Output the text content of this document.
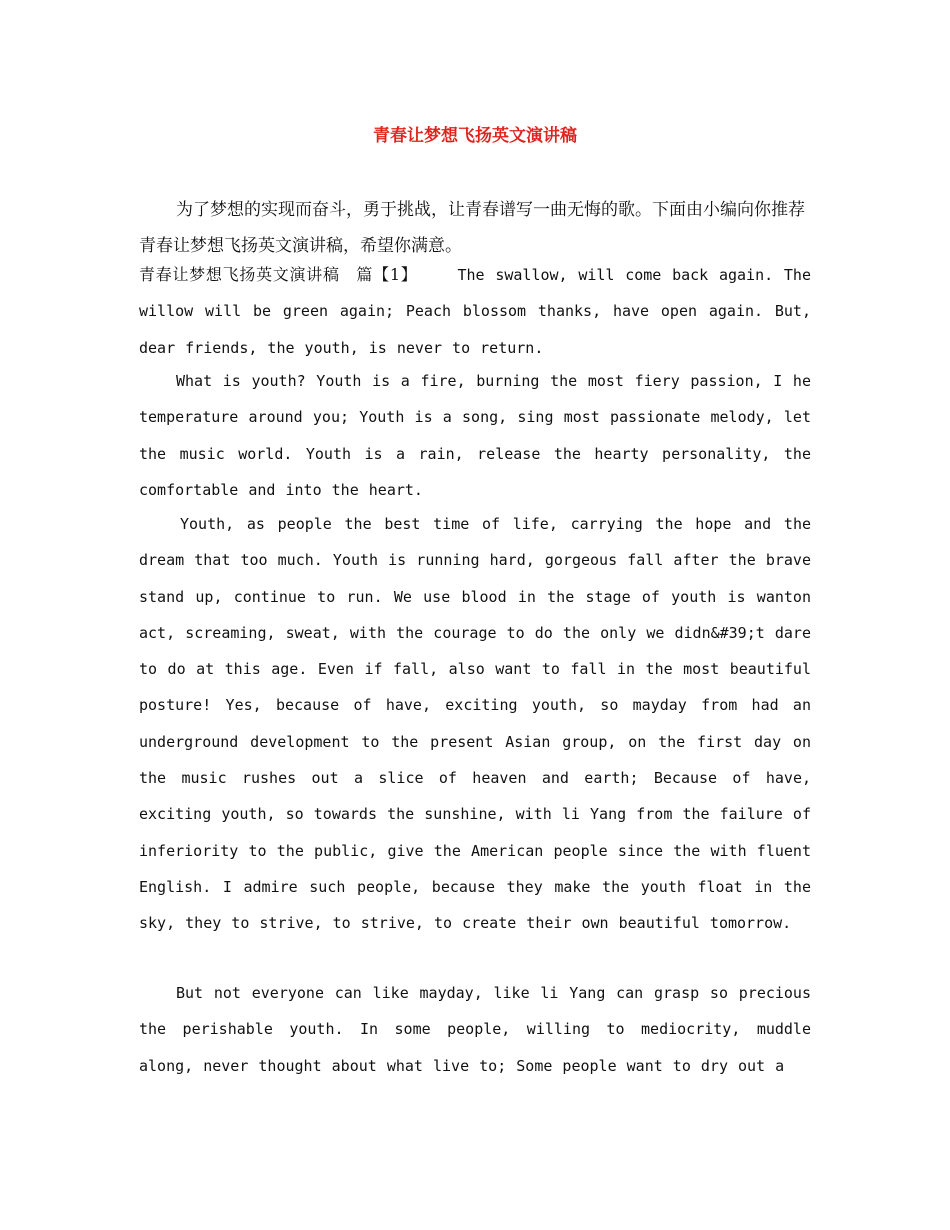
青春让梦想飞扬英文演讲稿
为了梦想的实现而奋斗，勇于挑战，让青春谱写一曲无悔的歌。下面由小编向你推荐青春让梦想飞扬英文演讲稿，希望你满意。
青春让梦想飞扬英文演讲稿　篇【1】	The swallow, will come back again. The willow will be green again; Peach blossom thanks, have open again. But, dear friends, the youth, is never to return.
What is youth? Youth is a fire, burning the most fiery passion, I he temperature around you; Youth is a song, sing most passionate melody, let the music world. Youth is a rain, release the hearty personality, the comfortable and into the heart.
Youth, as people the best time of life, carrying the hope and the dream that too much. Youth is running hard, gorgeous fall after the brave stand up, continue to run. We use blood in the stage of youth is wanton act, screaming, sweat, with the courage to do the only we didn&#39;t dare to do at this age. Even if fall, also want to fall in the most beautiful posture! Yes, because of have, exciting youth, so mayday from had an underground development to the present Asian group, on the first day on the music rushes out a slice of heaven and earth; Because of have, exciting youth, so towards the sunshine, with li Yang from the failure of inferiority to the public, give the American people since the with fluent English. I admire such people, because they make the youth float in the sky, they to strive, to strive, to create their own beautiful tomorrow.
But not everyone can like mayday, like li Yang can grasp so precious the perishable youth. In some people, willing to mediocrity, muddle along, never thought about what live to; Some people want to dry out a
